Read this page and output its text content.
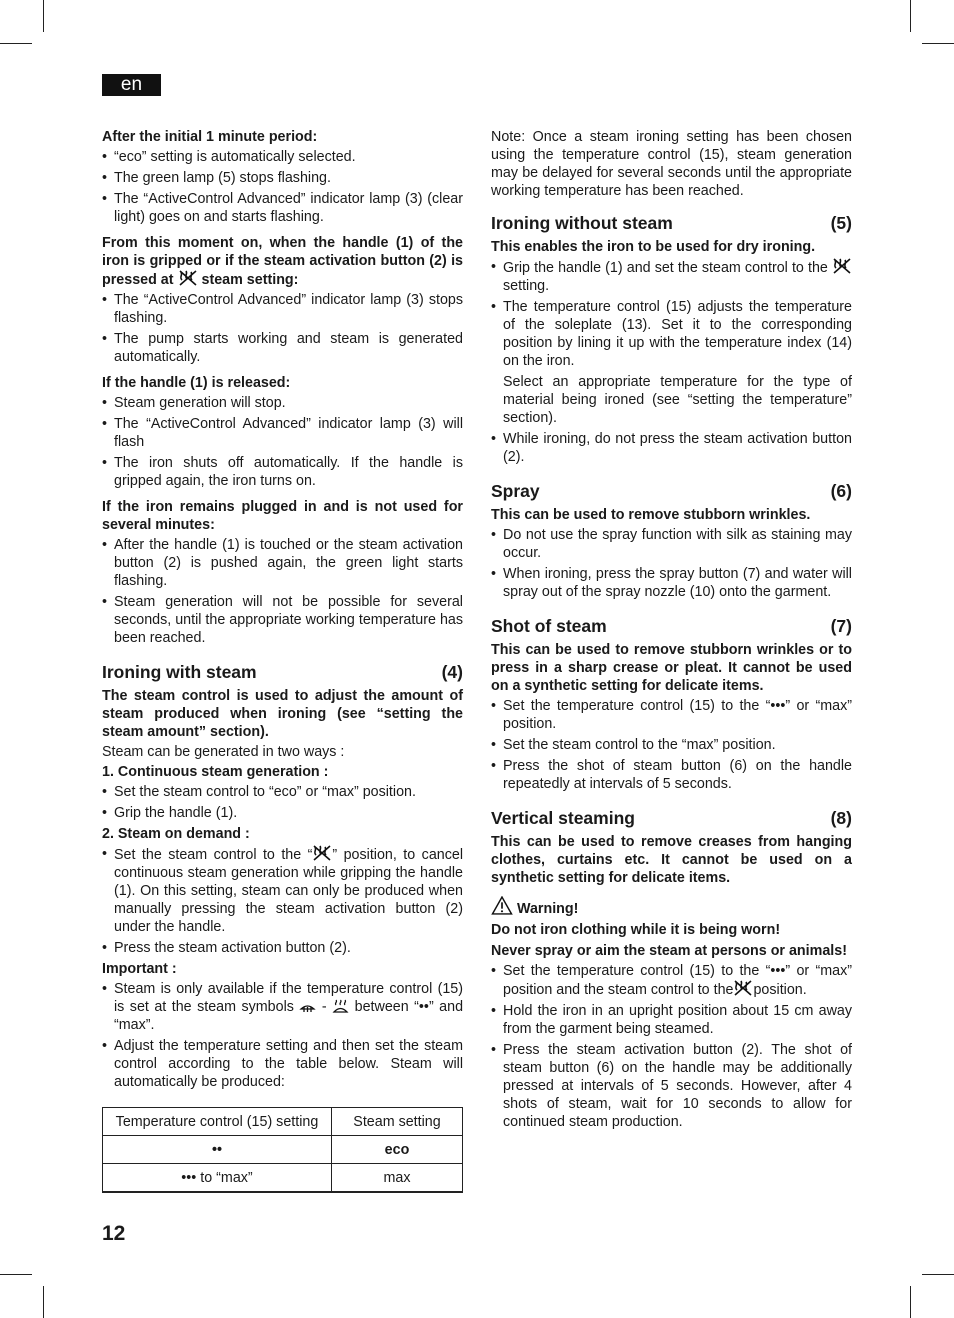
en

After the initial 1 minute period:

• “eco” setting is automatically selected.
• The green lamp (5) stops flashing.
• The “ActiveControl Advanced” indicator lamp (3) (clear light) goes on and starts flashing.

From this moment on, when the handle (1) of the iron is gripped or if the steam activation button (2) is pressed at steam setting:

• The “ActiveControl Advanced” indicator lamp (3) stops flashing.
• The pump starts working and steam is generated automatically.

If the handle (1) is released:

• Steam generation will stop.
• The “ActiveControl Advanced” indicator lamp (3) will flash
• The iron shuts off automatically. If the handle is gripped again, the iron turns on.

If the iron remains plugged in and is not used for several minutes:

• After the handle (1) is touched or the steam activation button (2) is pushed again, the green light starts flashing.
• Steam generation will not be possible for several seconds, until the appropriate working temperature has been reached.
Ironing with steam	(4)

The steam control is used to adjust the amount of steam produced when ironing (see “setting the steam amount” section).

Steam can be generated in two ways :

1. Continuous steam generation :

• Set the steam control to “eco” or “max” position.
• Grip the handle (1).

2. Steam on demand :

• Set the steam control to the “ ” position, to cancel continuous steam generation while gripping the handle (1). On this setting, steam can only be produced when manually pressing the steam activation button (2) under the handle.
• Press the steam activation button (2).

Important :

• Steam is only available if the temperature control (15) is set at the steam symbols - between “••” and “max”.
• Adjust the temperature setting and then set the steam control according to the table below. Steam will automatically be produced:
Temperature control (15) setting	Steam setting
••	eco
••• to “max”	max

Note: Once a steam ironing setting has been chosen using the temperature control (15), steam generation may be delayed for several seconds until the appropriate working temperature has been reached.

Ironing without steam	(5)

This enables the iron to be used for dry ironing.

• Grip the handle (1) and set the steam control to the  setting.
• The temperature control (15) adjusts the temperature of the soleplate (13). Set it to the corresponding position by lining it up with the temperature index (14) on the iron.
Select an appropriate temperature for the type of material being ironed (see “setting the temperature” section).
• While ironing, do not press the steam activation button (2).
Spray	(6)

This can be used to remove stubborn wrinkles.

• Do not use the spray function with silk as staining may occur.
• When ironing, press the spray button (7) and water will spray out of the spray nozzle (10) onto the garment.
Shot of steam	(7)

This can be used to remove stubborn wrinkles or to press in a sharp crease or pleat. It cannot be used on a synthetic setting for delicate items.

• Set the temperature control (15) to the “•••” or “max” position.
• Set the steam control to the “max” position.
• Press the shot of steam button (6) on the handle repeatedly at intervals of 5 seconds.
Vertical steaming	(8)

This can be used to remove creases from hanging clothes, curtains etc. It cannot be used on a synthetic setting for delicate items.

Warning!

Do not iron clothing while it is being worn!

Never spray or aim the steam at persons or animals!

• Set the temperature control (15) to the “•••” or “max” position and the steam control to the position.
• Hold the iron in an upright position about 15 cm away from the garment being steamed.
• Press the steam activation button (2). The shot of steam button (6) on the handle may be additionally pressed at intervals of 5 seconds. However, after 4 shots of steam, wait for 10 seconds to allow for continued steam production.
12
